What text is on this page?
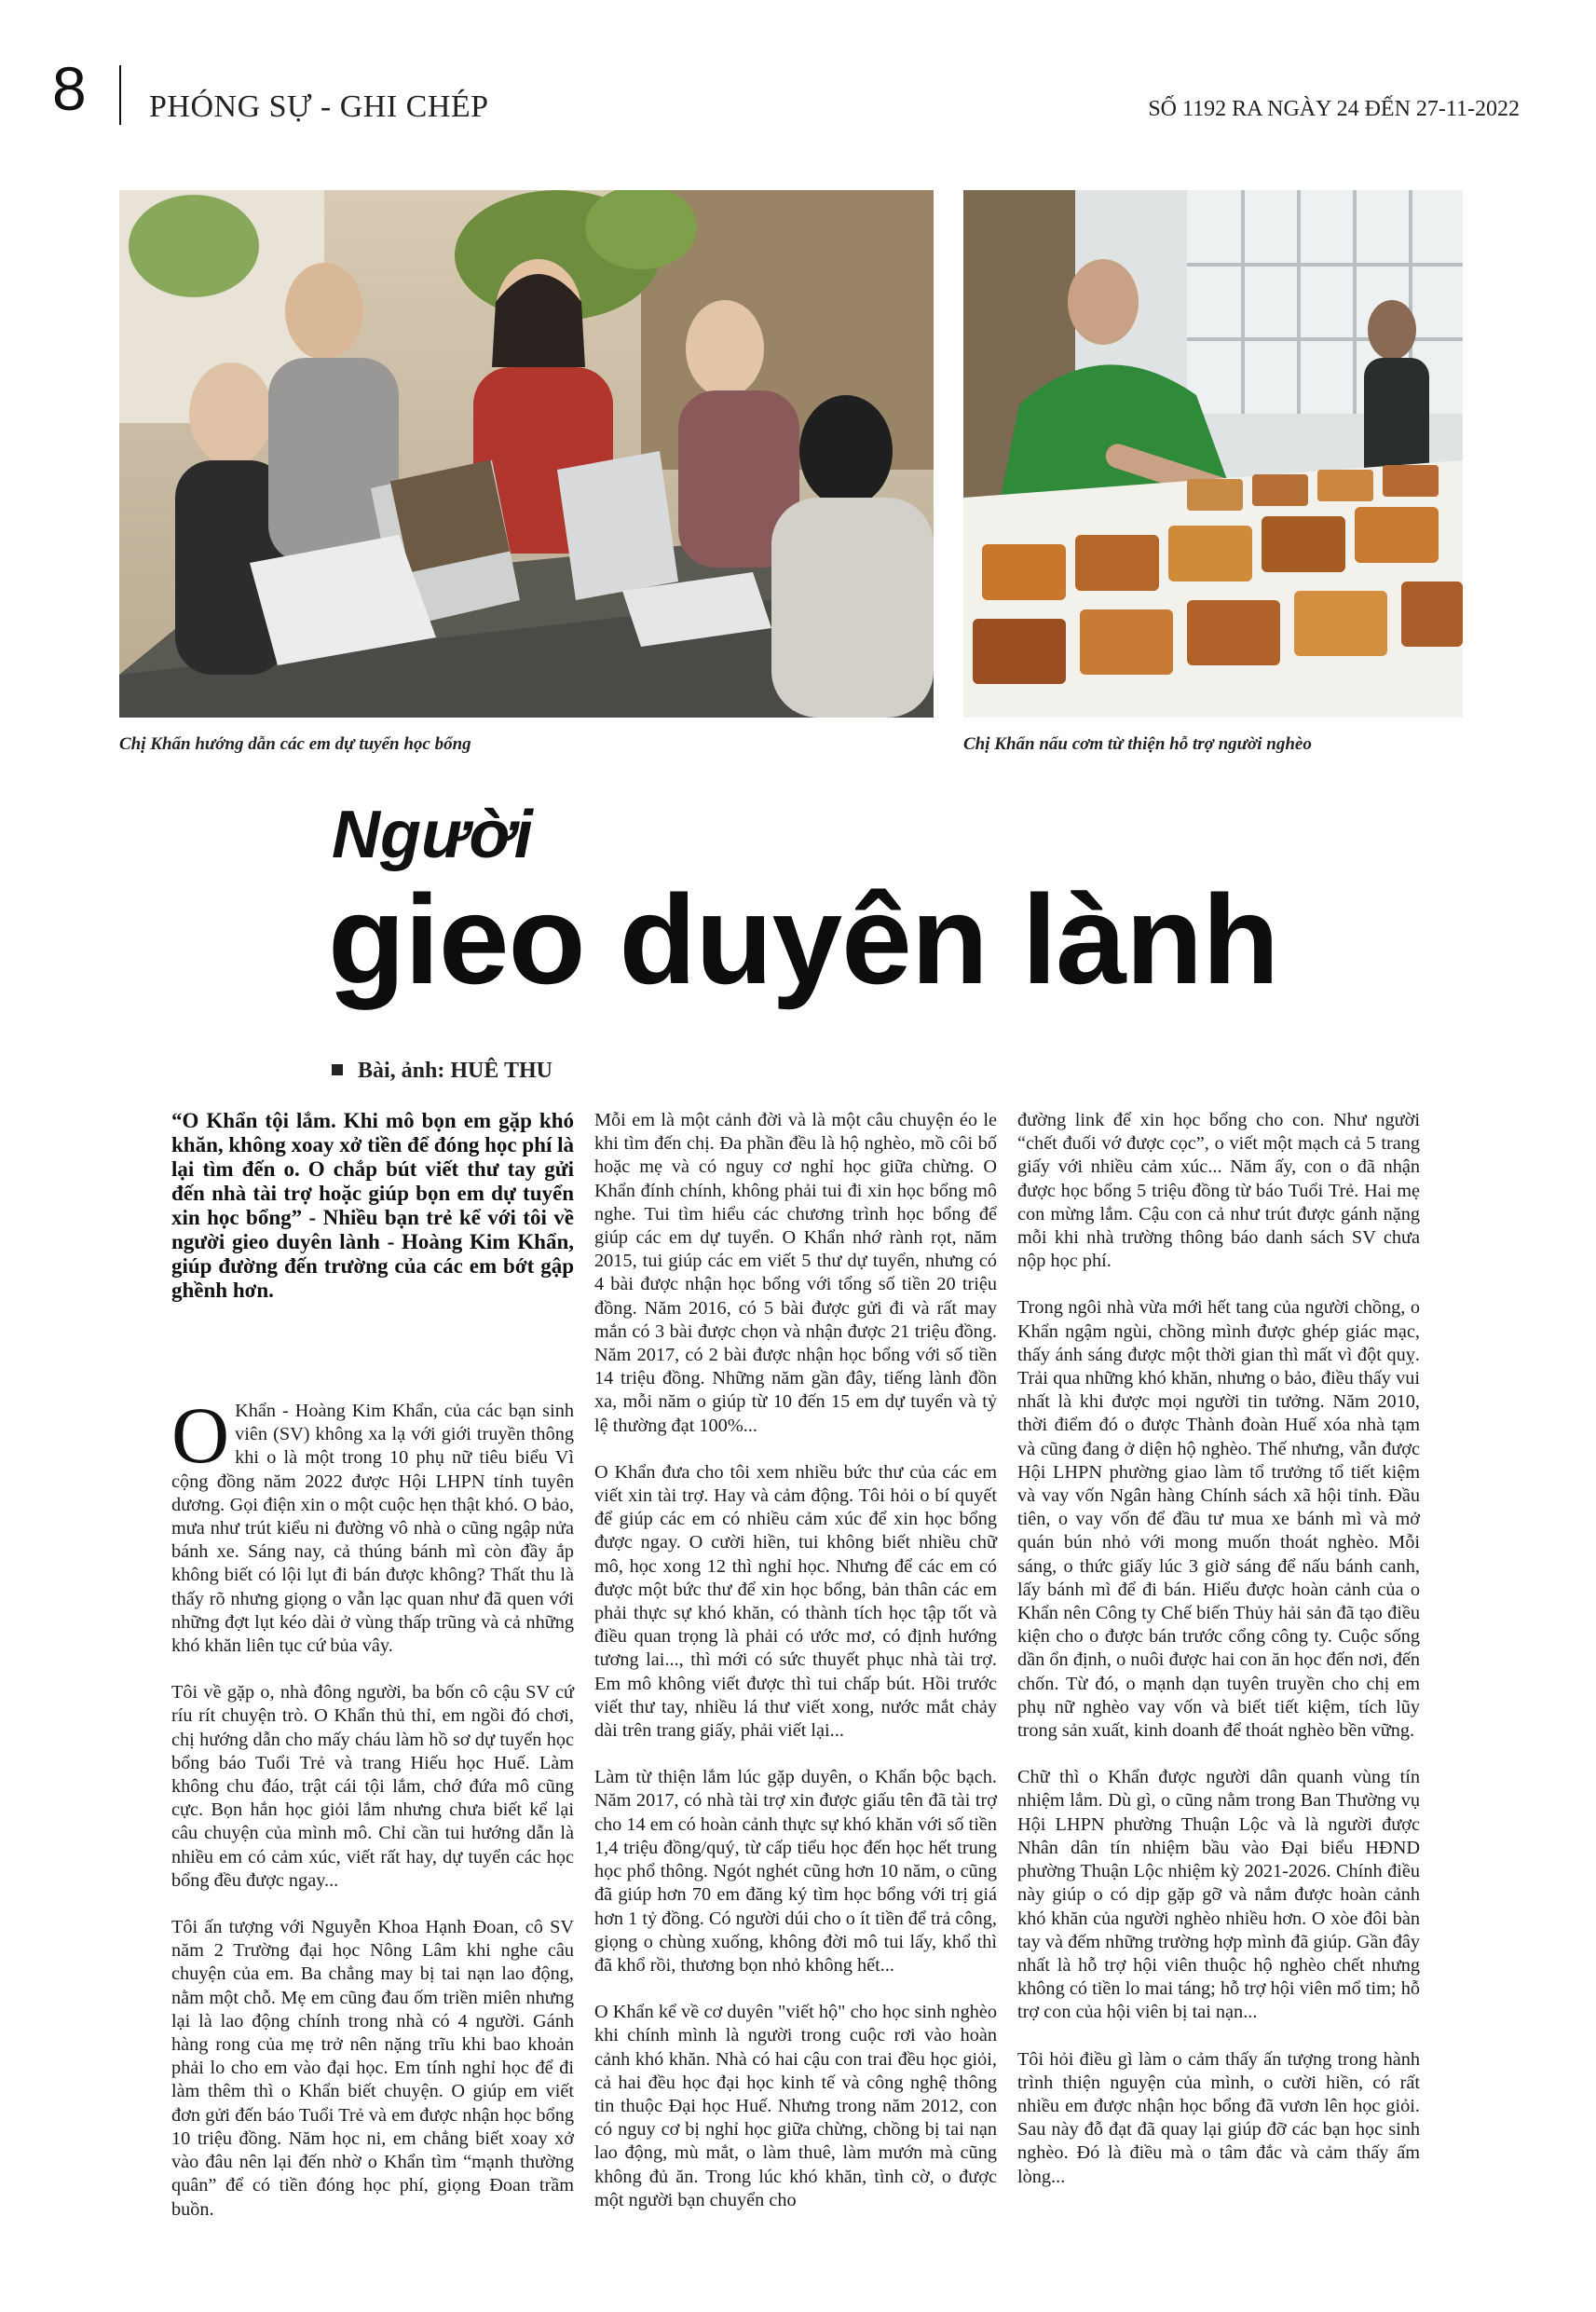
8 PHÓNG SỰ - GHI CHÉP	SỐ 1192 RA NGÀY 24 ĐẾN 27-11-2022
Chị Khẩn hướng dẫn các em dự tuyển học bổng	Chị Khẩn nấu cơm từ thiện hỗ trợ người nghèo
Người
gieo duyên lành
Bài, ảnh: HUÊ THU
“O Khẩn tội lắm. Khi mô bọn em gặp khó khăn, không xoay xở tiền để đóng học phí là lại tìm đến o. O chắp bút viết thư tay gửi đến nhà tài trợ hoặc giúp bọn em dự tuyển xin học bổng” - Nhiều bạn trẻ kể với tôi về người gieo duyên lành - Hoàng Kim Khẩn, giúp đường đến trường của các em bớt gập ghềnh hơn.

O Khẩn - Hoàng Kim Khẩn, của các bạn sinh viên (SV) không xa lạ với giới truyền thông khi o là một trong 10 phụ nữ tiêu biểu Vì cộng đồng năm 2022 được Hội LHPN tỉnh tuyên dương. Gọi điện xin o một cuộc hẹn thật khó. O bảo, mưa như trút kiểu ni đường vô nhà o cũng ngập nửa bánh xe. Sáng nay, cả thúng bánh mì còn đầy ắp không biết có lội lụt đi bán được không? Thất thu là thấy rõ nhưng giọng o vẫn lạc quan như đã quen với những đợt lụt kéo dài ở vùng thấp trũng và cả những khó khăn liên tục cứ bủa vây.

Tôi về gặp o, nhà đông người, ba bốn cô cậu SV cứ ríu rít chuyện trò. O Khẩn thủ thỉ, em ngồi đó chơi, chị hướng dẫn cho mấy cháu làm hồ sơ dự tuyển học bổng báo Tuổi Trẻ và trang Hiếu học Huế. Làm không chu đáo, trật cái tội lắm, chớ đứa mô cũng cực. Bọn hắn học giỏi lắm nhưng chưa biết kể lại câu chuyện của mình mô. Chỉ cần tui hướng dẫn là nhiều em có cảm xúc, viết rất hay, dự tuyển các học bổng đều được ngay...

Tôi ấn tượng với Nguyễn Khoa Hạnh Đoan, cô SV năm 2 Trường đại học Nông Lâm khi nghe câu chuyện của em. Ba chẳng may bị tai nạn lao động, nằm một chỗ. Mẹ em cũng đau ốm triền miên nhưng lại là lao động chính trong nhà có 4 người. Gánh hàng rong của mẹ trở nên nặng trĩu khi bao khoản phải lo cho em vào đại học. Em tính nghỉ học để đi làm thêm thì o Khẩn biết chuyện. O giúp em viết đơn gửi đến báo Tuổi Trẻ và em được nhận học bổng 10 triệu đồng. Năm học ni, em chẳng biết xoay xở vào đâu nên lại đến nhờ o Khẩn tìm “mạnh thường quân” để có tiền đóng học phí, giọng Đoan trầm buồn.

Mỗi em là một cảnh đời và là một câu chuyện éo le khi tìm đến chị. Đa phần đều là hộ nghèo, mồ côi bố hoặc mẹ và có nguy cơ nghỉ học giữa chừng. O Khẩn đính chính, không phải tui đi xin học bổng mô nghe. Tui tìm hiểu các chương trình học bổng để giúp các em dự tuyển. O Khẩn nhớ rành rọt, năm 2015, tui giúp các em viết 5 thư dự tuyển, nhưng có 4 bài được nhận học bổng với tổng số tiền 20 triệu đồng. Năm 2016, có 5 bài được gửi đi và rất may mắn có 3 bài được chọn và nhận được 21 triệu đồng. Năm 2017, có 2 bài được nhận học bổng với số tiền 14 triệu đồng. Những năm gần đây, tiếng lành đồn xa, mỗi năm o giúp từ 10 đến 15 em dự tuyển và tỷ lệ thường đạt 100%...

O Khẩn đưa cho tôi xem nhiều bức thư của các em viết xin tài trợ. Hay và cảm động. Tôi hỏi o bí quyết để giúp các em có nhiều cảm xúc để xin học bổng được ngay. O cười hiền, tui không biết nhiều chữ mô, học xong 12 thì nghỉ học. Nhưng để các em có được một bức thư để xin học bổng, bản thân các em phải thực sự khó khăn, có thành tích học tập tốt và điều quan trọng là phải có ước mơ, có định hướng tương lai..., thì mới có sức thuyết phục nhà tài trợ. Em mô không viết được thì tui chấp bút. Hồi trước viết thư tay, nhiều lá thư viết xong, nước mắt chảy dài trên trang giấy, phải viết lại...

Làm từ thiện lắm lúc gặp duyên, o Khẩn bộc bạch. Năm 2017, có nhà tài trợ xin được giấu tên đã tài trợ cho 14 em có hoàn cảnh thực sự khó khăn với số tiền 1,4 triệu đồng/quý, từ cấp tiểu học đến học hết trung học phổ thông. Ngót nghét cũng hơn 10 năm, o cũng đã giúp hơn 70 em đăng ký tìm học bổng với trị giá hơn 1 tỷ đồng. Có người dúi cho o ít tiền để trả công, giọng o chùng xuống, không đời mô tui lấy, khổ thì đã khổ rồi, thương bọn nhỏ không hết...

O Khẩn kể về cơ duyên "viết hộ" cho học sinh nghèo khi chính mình là người trong cuộc rơi vào hoàn cảnh khó khăn. Nhà có hai cậu con trai đều học giỏi, cả hai đều học đại học kinh tế và công nghệ thông tin thuộc Đại học Huế. Nhưng trong năm 2012, con có nguy cơ bị nghỉ học giữa chừng, chồng bị tai nạn lao động, mù mắt, o làm thuê, làm mướn mà cũng không đủ ăn. Trong lúc khó khăn, tình cờ, o được một người bạn chuyển cho

đường link để xin học bổng cho con. Như người “chết đuối vớ được cọc”, o viết một mạch cả 5 trang giấy với nhiều cảm xúc... Năm ấy, con o đã nhận được học bổng 5 triệu đồng từ báo Tuổi Trẻ. Hai mẹ con mừng lắm. Cậu con cả như trút được gánh nặng mỗi khi nhà trường thông báo danh sách SV chưa nộp học phí.

Trong ngôi nhà vừa mới hết tang của người chồng, o Khẩn ngậm ngùi, chồng mình được ghép giác mạc, thấy ánh sáng được một thời gian thì mất vì đột quỵ. Trải qua những khó khăn, nhưng o bảo, điều thấy vui nhất là khi được mọi người tin tưởng. Năm 2010, thời điểm đó o được Thành đoàn Huế xóa nhà tạm và cũng đang ở diện hộ nghèo. Thế nhưng, vẫn được Hội LHPN phường giao làm tổ trưởng tổ tiết kiệm và vay vốn Ngân hàng Chính sách xã hội tỉnh. Đầu tiên, o vay vốn để đầu tư mua xe bánh mì và mở quán bún nhỏ với mong muốn thoát nghèo. Mỗi sáng, o thức giấy lúc 3 giờ sáng để nấu bánh canh, lấy bánh mì để đi bán. Hiểu được hoàn cảnh của o Khẩn nên Công ty Chế biến Thủy hải sản đã tạo điều kiện cho o được bán trước cổng công ty. Cuộc sống dần ổn định, o nuôi được hai con ăn học đến nơi, đến chốn. Từ đó, o mạnh dạn tuyên truyền cho chị em phụ nữ nghèo vay vốn và biết tiết kiệm, tích lũy trong sản xuất, kinh doanh để thoát nghèo bền vững.

Chữ thì o Khẩn được người dân quanh vùng tín nhiệm lắm. Dù gì, o cũng nằm trong Ban Thường vụ Hội LHPN phường Thuận Lộc và là người được Nhân dân tín nhiệm bầu vào Đại biểu HĐND phường Thuận Lộc nhiệm kỳ 2021-2026. Chính điều này giúp o có dịp gặp gỡ và nắm được hoàn cảnh khó khăn của người nghèo nhiều hơn. O xòe đôi bàn tay và đếm những trường hợp mình đã giúp. Gần đây nhất là hỗ trợ hội viên thuộc hộ nghèo chết nhưng không có tiền lo mai táng; hỗ trợ hội viên mổ tim; hỗ trợ con của hội viên bị tai nạn...

Tôi hỏi điều gì làm o cảm thấy ấn tượng trong hành trình thiện nguyện của mình, o cười hiền, có rất nhiều em được nhận học bổng đã vươn lên học giỏi. Sau này đỗ đạt đã quay lại giúp đỡ các bạn học sinh nghèo. Đó là điều mà o tâm đắc và cảm thấy ấm lòng...
